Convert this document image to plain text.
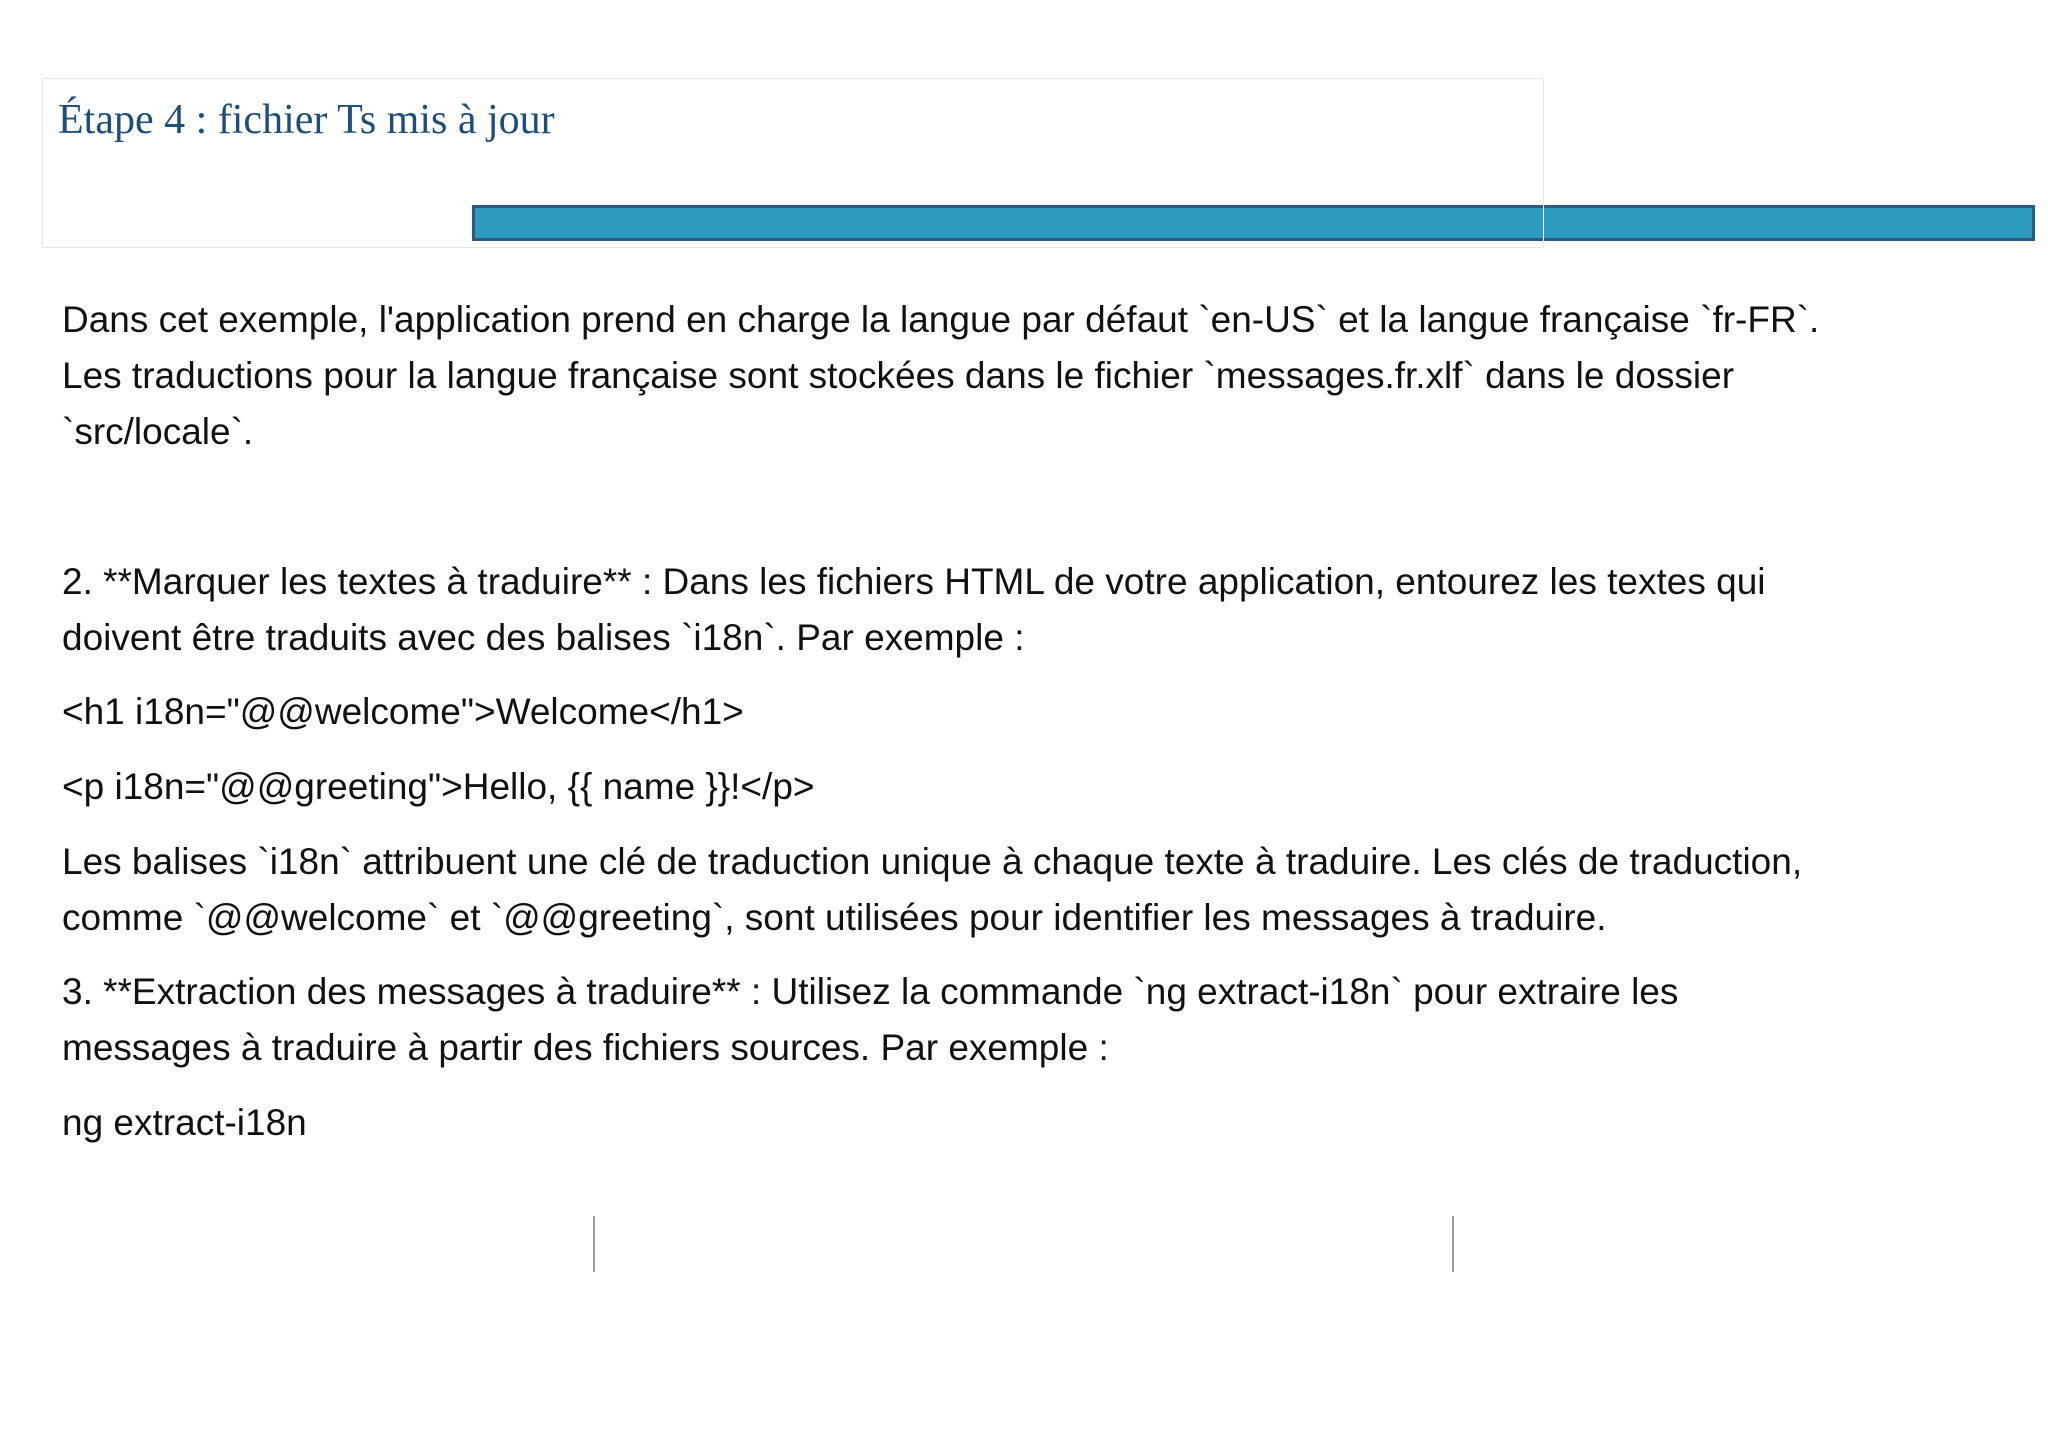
Étape 4 : fichier Ts mis à jour

Dans cet exemple, l'application prend en charge la langue par défaut `en-US` et la langue française `fr-FR`.

Les traductions pour la langue française sont stockées dans le fichier `messages.fr.xlf` dans le dossier

`src/locale`.

2. **Marquer les textes à traduire** : Dans les fichiers HTML de votre application, entourez les textes qui

doivent être traduits avec des balises `i18n`. Par exemple :

<h1 i18n="@@welcome">Welcome</h1>

<p i18n="@@greeting">Hello, {{ name }}!</p>

Les balises `i18n` attribuent une clé de traduction unique à chaque texte à traduire. Les clés de traduction,

comme `@@welcome` et `@@greeting`, sont utilisées pour identifier les messages à traduire.

3. **Extraction des messages à traduire** : Utilisez la commande `ng extract-i18n` pour extraire les

messages à traduire à partir des fichiers sources. Par exemple :

ng extract-i18n
